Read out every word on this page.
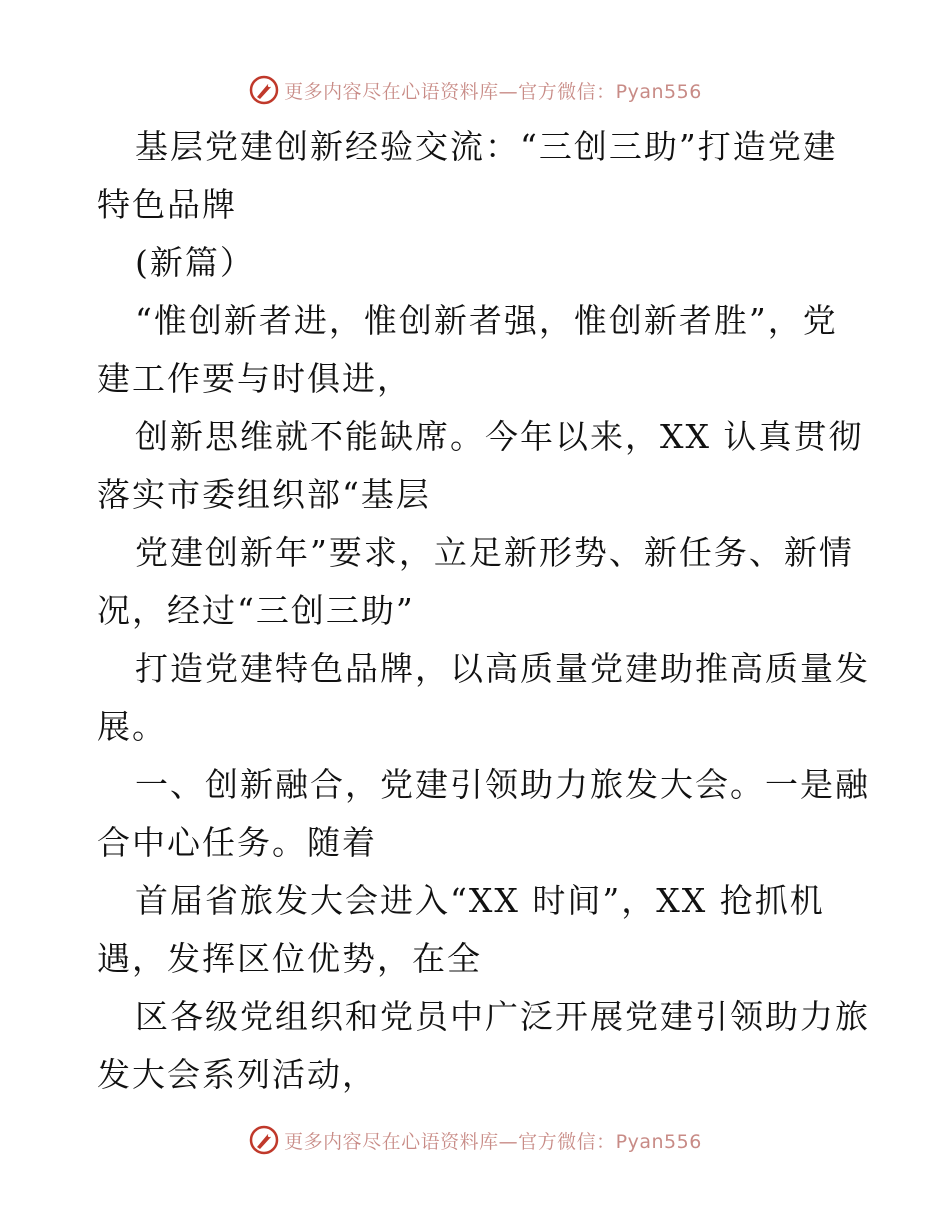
更多内容尽在心语资料库—官方微信：Pyan556
基层党建创新经验交流：“三创三助”打造党建
特色品牌
(新篇）
“惟创新者进，惟创新者强，惟创新者胜”，党
建工作要与时俱进，
创新思维就不能缺席。今年以来，XX 认真贯彻
落实市委组织部“基层
党建创新年”要求，立足新形势、新任务、新情
况，经过“三创三助”
打造党建特色品牌，以高质量党建助推高质量发
展。
一、创新融合，党建引领助力旅发大会。一是融
合中心任务。随着
首届省旅发大会进入“XX 时间”，XX 抢抓机
遇，发挥区位优势，在全
区各级党组织和党员中广泛开展党建引领助力旅
发大会系列活动，
更多内容尽在心语资料库—官方微信：Pyan556
